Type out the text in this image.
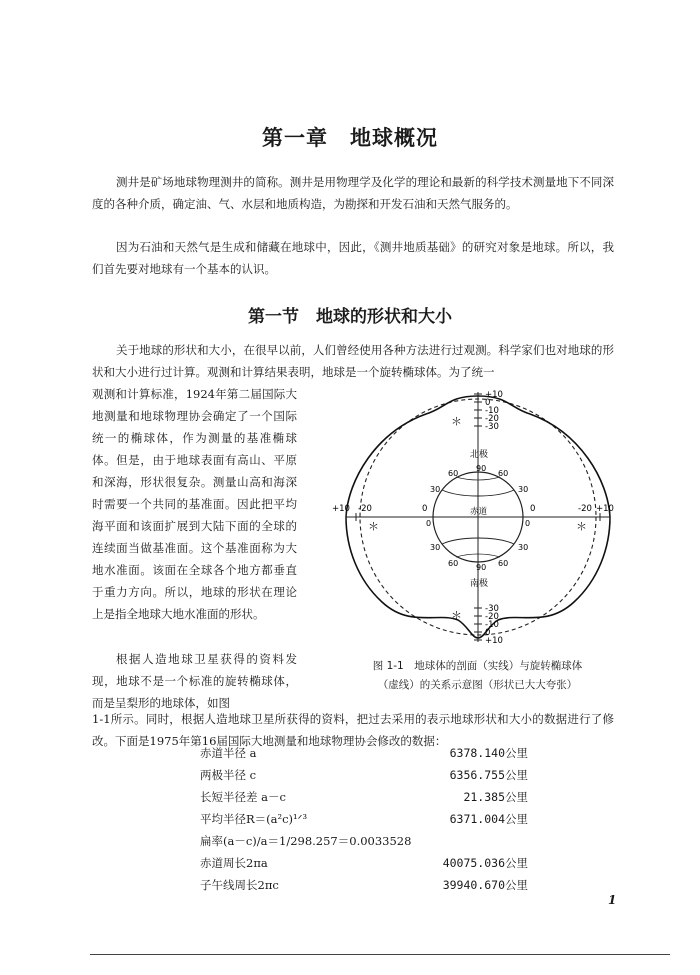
第一章　地球概况
测井是矿场地球物理测井的简称。测井是用物理学及化学的理论和最新的科学技术测量地下不同深度的各种介质，确定油、气、水层和地质构造，为勘探和开发石油和天然气服务的。
因为石油和天然气是生成和储藏在地球中，因此，《测井地质基础》的研究对象是地球。所以，我们首先要对地球有一个基本的认识。
第一节　地球的形状和大小
关于地球的形状和大小，在很早以前，人们曾经使用各种方法进行过观测。科学家们也对地球的形状和大小进行过计算。观测和计算结果表明，地球是一个旋转椭球体。为了统一
观测和计算标准，1924年第二届国际大地测量和地球物理协会确定了一个国际统一的椭球体，作为测量的基准椭球体。但是，由于地球表面有高山、平原和深海，形状很复杂。测量山高和海深时需要一个共同的基准面。因此把平均海平面和该面扩展到大陆下面的全球的连续面当做基准面。这个基准面称为大地水准面。该面在全球各个地方都垂直于重力方向。所以，地球的形状在理论上是指全地球大地水准面的形状。
根据人造地球卫星获得的资料发现，地球不是一个标准的旋转椭球体，而是呈梨形的地球体，如图
1-1所示。同时，根据人造地球卫星所获得的资料，把过去采用的表示地球形状和大小的数据进行了修改。下面是1975年第16届国际大地测量和地球物理协会修改的数据：
+10
0
-10
-20
-30
-30
-20
-10
0
+10
+10 -20	0	0	-20 +10
北极
南极
赤道
60
90
60
30	30
30	30
60 90 60
0	0
＊
＊
＊	＊
图 1-1　地球体的剖面（实线）与旋转椭球体
（虚线）的关系示意图（形状已大大夸张）
赤道半径 a	6378.140公里
两极半径 c	6356.755公里
长短半径差 a－c	21.385公里
平均半径R＝(a²c)¹ᐟ³	6371.004公里
扁率(a－c)/a＝1/298.257＝0.0033528
赤道周长2πa	40075.036公里
子午线周长2πc	39940.670公里
1
